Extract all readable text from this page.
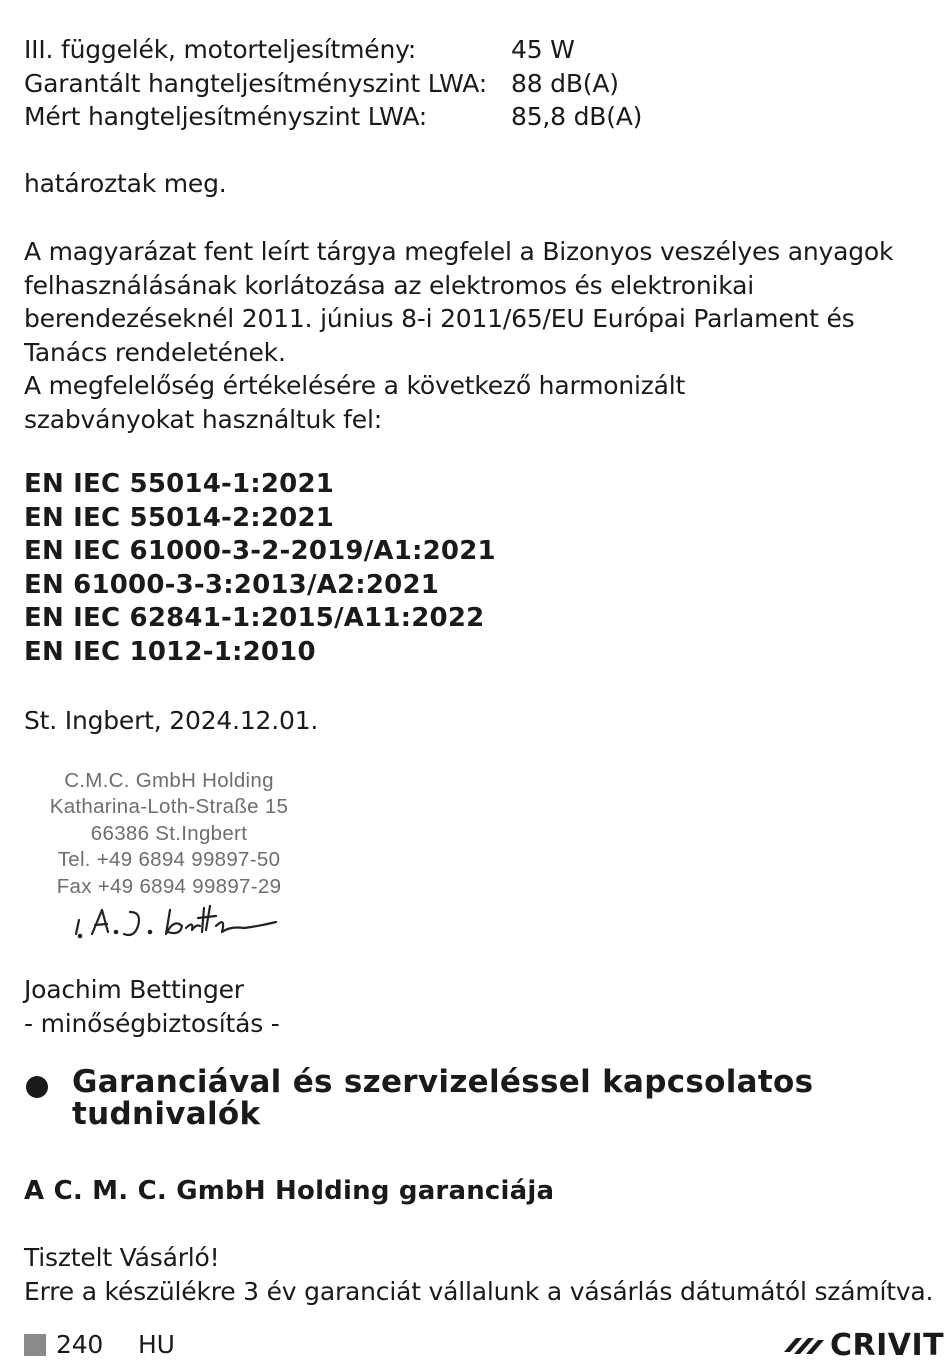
III. függelék, motorteljesítmény:	45 W
Garantált hangteljesítményszint LWA: 88 dB(A)
Mért hangteljesítményszint LWA:	85,8 dB(A)

határoztak meg.

A magyarázat fent leírt tárgya megfelel a Bizonyos veszélyes anyagok felhasználásának korlátozása az elektromos és elektronikai berendezéseknél 2011. június 8-i 2011/65/EU Európai Parlament és Tanács rendeletének.

A megfelelőség értékelésére a következő harmonizált szabványokat használtuk fel:

EN IEC 55014-1:2021
EN IEC 55014-2:2021
EN IEC 61000-3-2-2019/A1:2021
EN 61000-3-3:2013/A2:2021
EN IEC 62841-1:2015/A11:2022
EN IEC 1012-1:2010

St. Ingbert, 2024.12.01.

C.M.C. GmbH Holding
Katharina-Loth-Straße 15
66386 St.Ingbert
Tel. +49 6894 99897-50
Fax +49 6894 99897-29

Joachim Bettinger

- minőségbiztosítás -

Garanciával és szervizeléssel kapcsolatos tudnivalók
A C. M. C. GmbH Holding garanciája

Tisztelt Vásárló!

Erre a készülékre 3 év garanciát vállalunk a vásárlás dátumától számítva.

240 HU	CRIVIT
